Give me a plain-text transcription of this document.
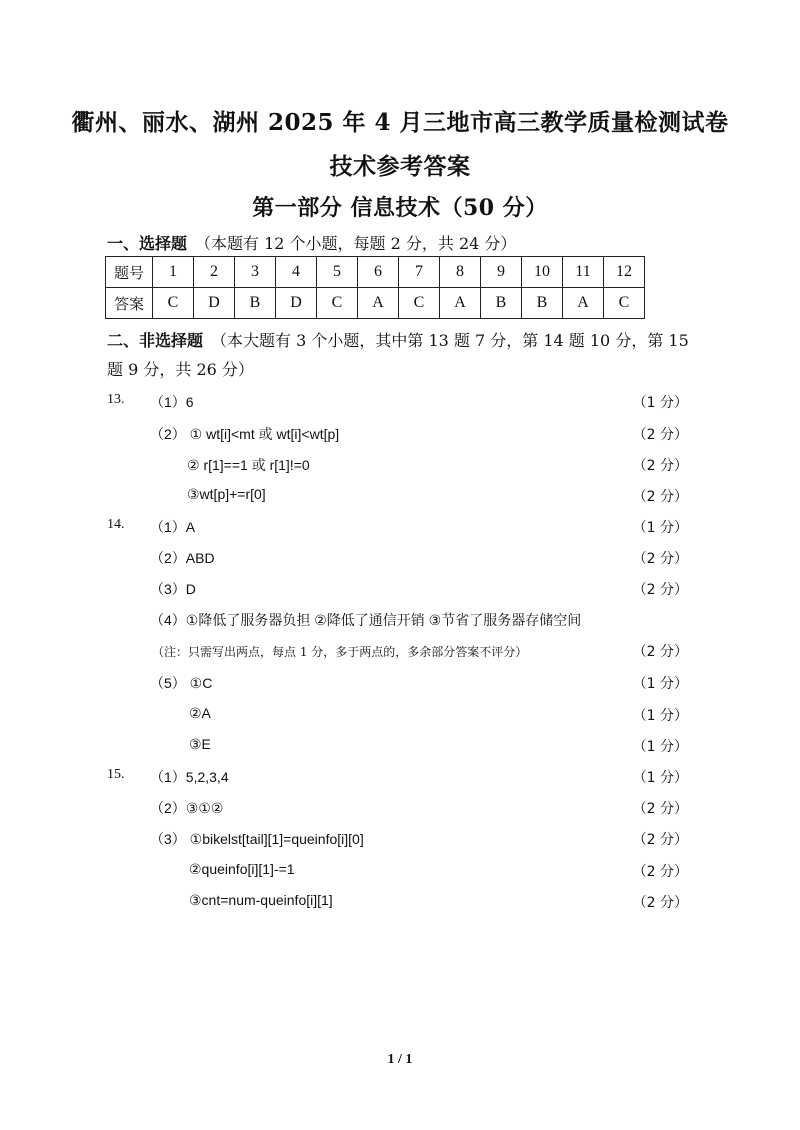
衢州、丽水、湖州 2025 年 4 月三地市高三教学质量检测试卷
技术参考答案
第一部分 信息技术（50 分）
一、选择题 （本题有 12 个小题，每题 2 分，共 24 分）
题号	1	2	3	4	5	6	7	8	9	10	11	12
答案	C	D	B	D	C	A	C	A	B	B	A	C
二、非选择题 （本大题有 3 个小题，其中第 13 题 7 分，第 14 题 10 分，第 15 题 9 分，共 26 分）
13. （1）6	（1 分）
（2） ① wt[i]<mt 或 wt[i]<wt[p]	（2 分）
② r[1]==1 或 r[1]!=0	（2 分）
③wt[p]+=r[0]	（2 分）
14. （1）A	（1 分）
（2）ABD	（2 分）
（3）D	（2 分）
（4）①降低了服务器负担 ②降低了通信开销 ③节省了服务器存储空间
（注：只需写出两点，每点 1 分，多于两点的，多余部分答案不评分）	（2 分）
（5） ①C	（1 分）
②A	（1 分）
③E	（1 分）
15. （1）5,2,3,4	（1 分）
（2）③①②	（2 分）
（3） ①bikelst[tail][1]=queinfo[i][0]	（2 分）
②queinfo[i][1]-=1	（2 分）
③cnt=num-queinfo[i][1]	（2 分）
1 / 1
